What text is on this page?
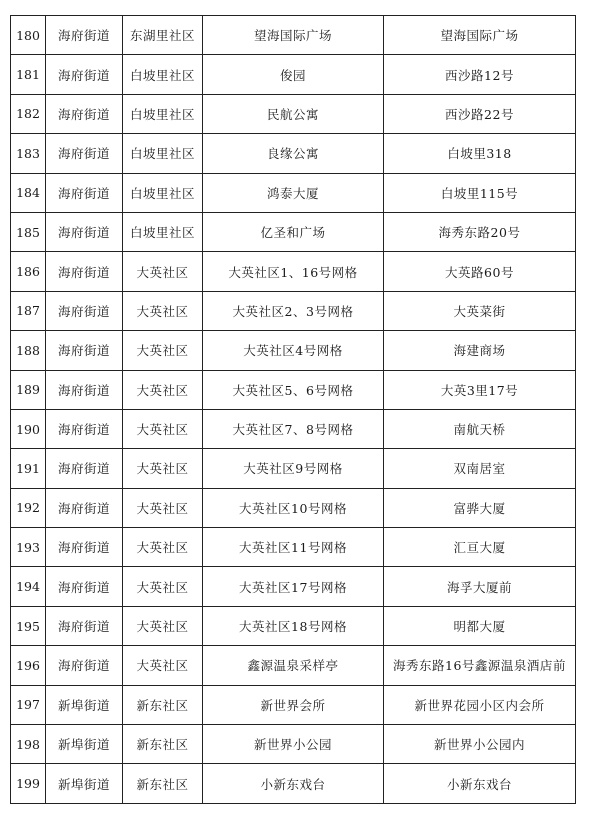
180	海府街道	东湖里社区	望海国际广场	望海国际广场
181	海府街道	白坡里社区	俊园	西沙路12号
182	海府街道	白坡里社区	民航公寓	西沙路22号
183	海府街道	白坡里社区	良缘公寓	白坡里318
184	海府街道	白坡里社区	鸿泰大厦	白坡里115号
185	海府街道	白坡里社区	亿圣和广场	海秀东路20号
186	海府街道	大英社区	大英社区1、16号网格	大英路60号
187	海府街道	大英社区	大英社区2、3号网格	大英菜街
188	海府街道	大英社区	大英社区4号网格	海建商场
189	海府街道	大英社区	大英社区5、6号网格	大英3里17号
190	海府街道	大英社区	大英社区7、8号网格	南航天桥
191	海府街道	大英社区	大英社区9号网格	双南居室
192	海府街道	大英社区	大英社区10号网格	富骅大厦
193	海府街道	大英社区	大英社区11号网格	汇亘大厦
194	海府街道	大英社区	大英社区17号网格	海孚大厦前
195	海府街道	大英社区	大英社区18号网格	明都大厦
196	海府街道	大英社区	鑫源温泉采样亭	海秀东路16号鑫源温泉酒店前
197	新埠街道	新东社区	新世界会所	新世界花园小区内会所
198	新埠街道	新东社区	新世界小公园	新世界小公园内
199	新埠街道	新东社区	小新东戏台	小新东戏台
